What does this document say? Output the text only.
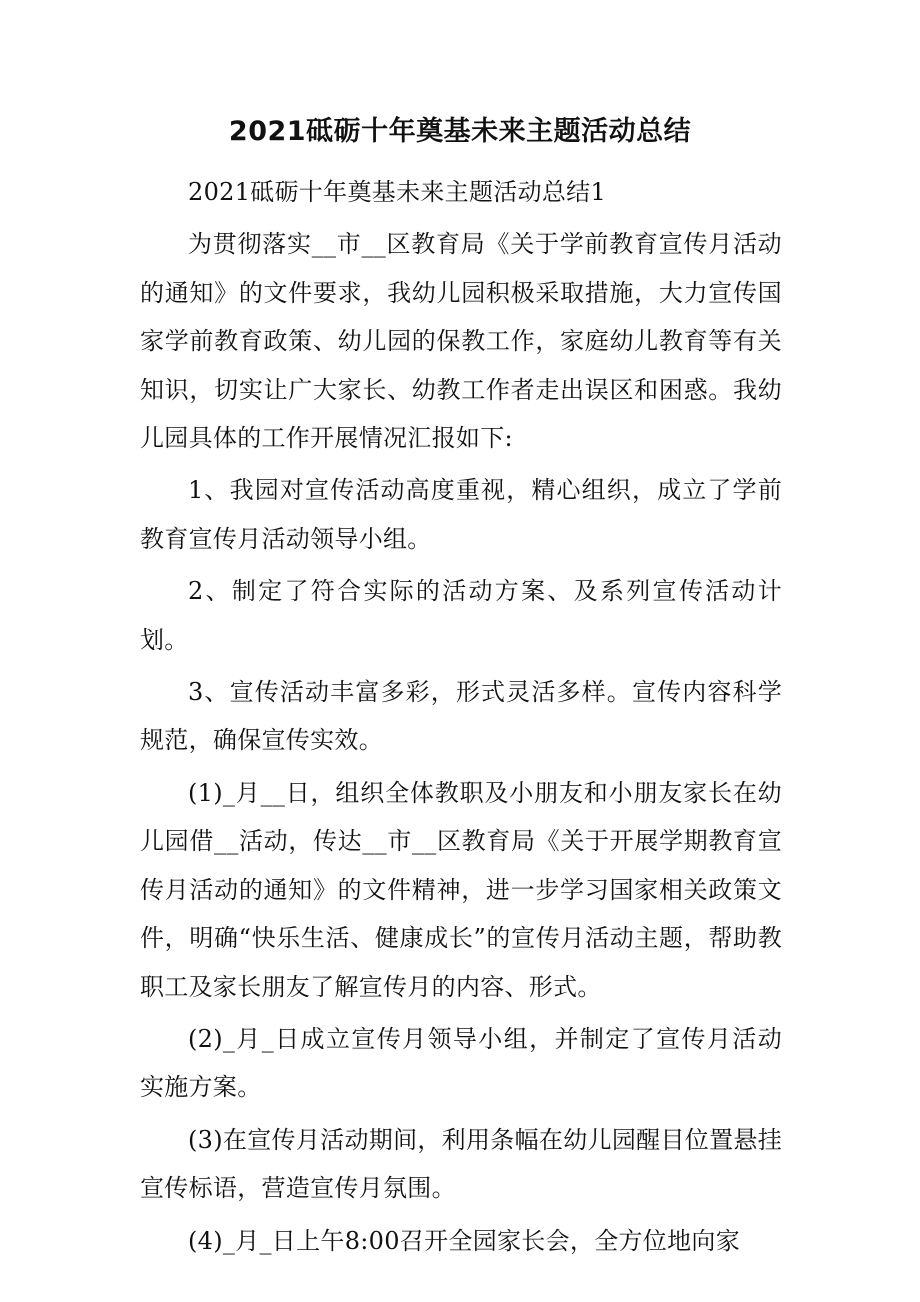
2021砥砺十年奠基未来主题活动总结

2021砥砺十年奠基未来主题活动总结1

为贯彻落实__市__区教育局《关于学前教育宣传月活动的通知》的文件要求，我幼儿园积极采取措施，大力宣传国家学前教育政策、幼儿园的保教工作，家庭幼儿教育等有关知识，切实让广大家长、幼教工作者走出误区和困惑。我幼儿园具体的工作开展情况汇报如下:

1、我园对宣传活动高度重视，精心组织，成立了学前教育宣传月活动领导小组。

2、制定了符合实际的活动方案、及系列宣传活动计划。

3、宣传活动丰富多彩，形式灵活多样。宣传内容科学规范，确保宣传实效。

(1)_月__日，组织全体教职及小朋友和小朋友家长在幼儿园借__活动，传达__市__区教育局《关于开展学期教育宣传月活动的通知》的文件精神，进一步学习国家相关政策文件，明确“快乐生活、健康成长”的宣传月活动主题，帮助教职工及家长朋友了解宣传月的内容、形式。

(2)_月_日成立宣传月领导小组，并制定了宣传月活动实施方案。

(3)在宣传月活动期间，利用条幅在幼儿园醒目位置悬挂宣传标语，营造宣传月氛围。

(4)_月_日上午8:00召开全园家长会，全方位地向家
